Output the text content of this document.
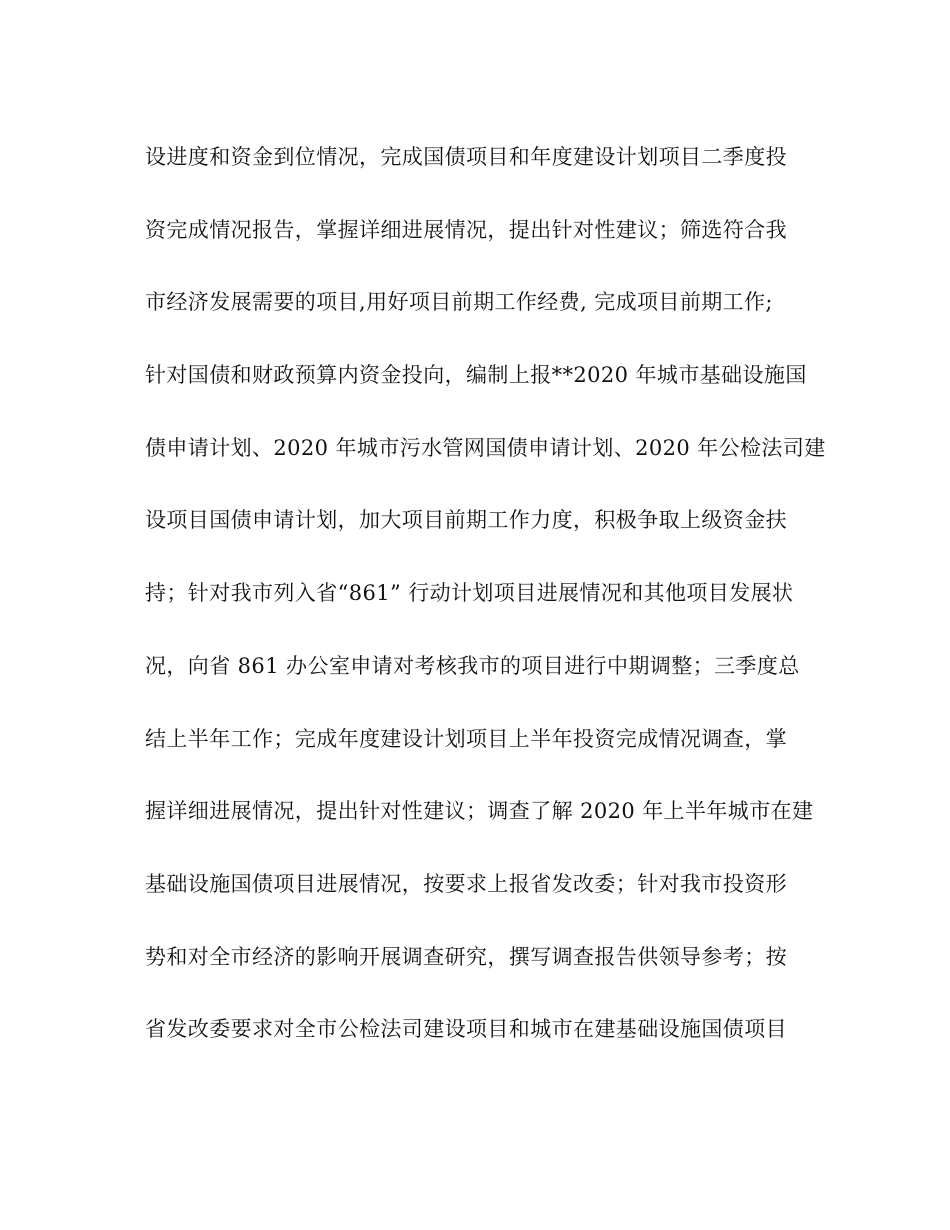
设进度和资金到位情况，完成国债项目和年度建设计划项目二季度投
资完成情况报告，掌握详细进展情况，提出针对性建议；筛选符合我
市经济发展需要的项目,用好项目前期工作经费, 完成项目前期工作;
针对国债和财政预算内资金投向，编制上报**2020 年城市基础设施国
债申请计划、2020 年城市污水管网国债申请计划、2020 年公检法司建
设项目国债申请计划，加大项目前期工作力度，积极争取上级资金扶
持；针对我市列入省“861” 行动计划项目进展情况和其他项目发展状
况，向省 861 办公室申请对考核我市的项目进行中期调整；三季度总
结上半年工作；完成年度建设计划项目上半年投资完成情况调查，掌
握详细进展情况，提出针对性建议；调查了解 2020 年上半年城市在建
基础设施国债项目进展情况，按要求上报省发改委；针对我市投资形
势和对全市经济的影响开展调查研究，撰写调查报告供领导参考；按
省发改委要求对全市公检法司建设项目和城市在建基础设施国债项目
